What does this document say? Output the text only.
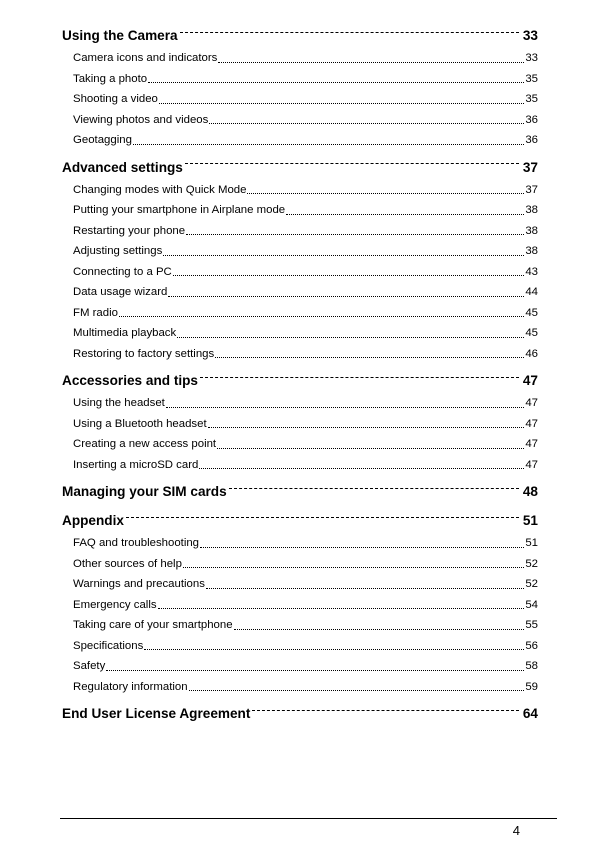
Using the Camera	33
Camera icons and indicators	33
Taking a photo	35
Shooting a video	35
Viewing photos and videos	36
Geotagging	36
Advanced settings	37
Changing modes with Quick Mode	37
Putting your smartphone in Airplane mode	38
Restarting your phone	38
Adjusting settings	38
Connecting to a PC	43
Data usage wizard	44
FM radio	45
Multimedia playback	45
Restoring to factory settings	46
Accessories and tips	47
Using the headset	47
Using a Bluetooth headset	47
Creating a new access point	47
Inserting a microSD card	47
Managing your SIM cards	48
Appendix	51
FAQ and troubleshooting	51
Other sources of help	52
Warnings and precautions	52
Emergency calls	54
Taking care of your smartphone	55
Specifications	56
Safety	58
Regulatory information	59
End User License Agreement	64
4
